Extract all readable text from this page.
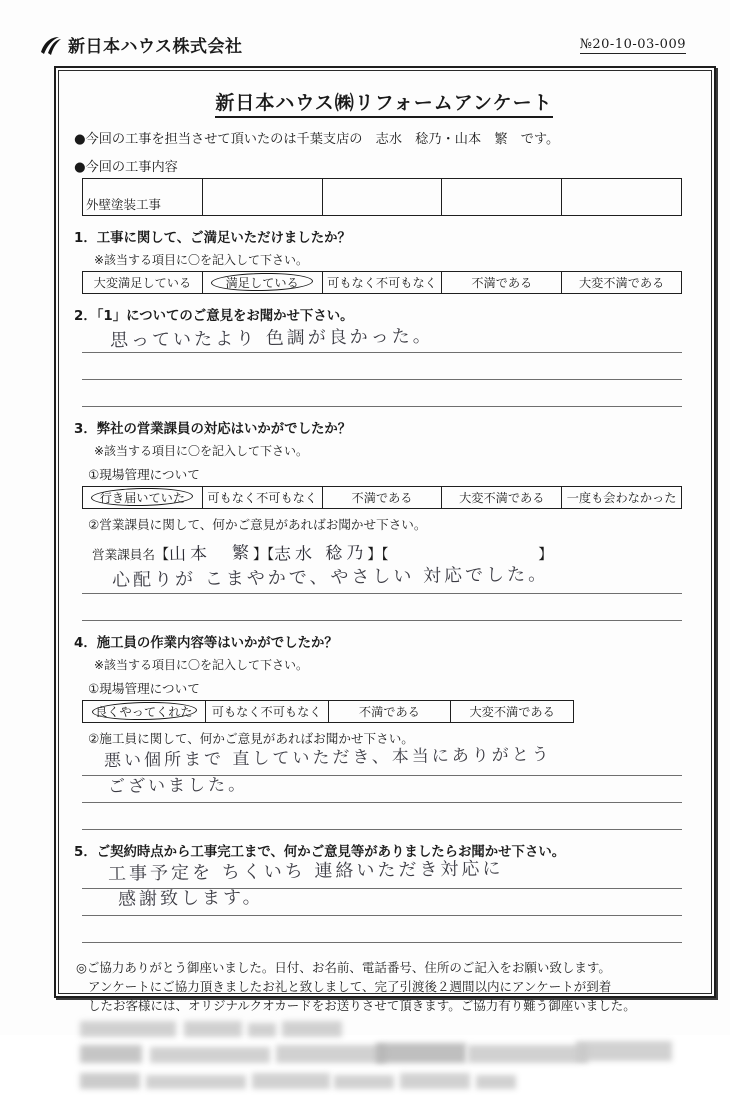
新日本ハウス株式会社	№20-10-03-009
新日本ハウス㈱リフォームアンケート
●今回の工事を担当させて頂いたのは千葉支店の　志水　稔乃・山本　繁　です。
●今回の工事内容
外壁塗装工事				
1．工事に関して、ご満足いただけましたか？
※該当する項目に〇を記入して下さい。
大変満足している	満足している	可もなく不可もなく	不満である	大変不満である
2．「1」についてのご意見をお聞かせ下さい。
思っていたより 色調が良かった。
3．弊社の営業課員の対応はいかがでしたか？
※該当する項目に〇を記入して下さい。
①現場管理について
行き届いていた	可もなく不可もなく	不満である	大変不満である	一度も会わなかった
②営業課員に関して、何かご意見があればお聞かせ下さい。
営業課員名【山本　繁】【志水 稔乃】【	】
心配りが こまやかで、やさしい 対応でした。
4．施工員の作業内容等はいかがでしたか？
※該当する項目に〇を記入して下さい。
①現場管理について
良くやってくれた	可もなく不可もなく	不満である	大変不満である
②施工員に関して、何かご意見があればお聞かせ下さい。
悪い個所まで 直していただき、本当にありがとう
ございました。
5．ご契約時点から工事完工まで、何かご意見等がありましたらお聞かせ下さい。
工事予定を ちくいち 連絡いただき対応に
感謝致します。
◎ご協力ありがとう御座いました。日付、お名前、電話番号、住所のご記入をお願い致します。
アンケートにご協力頂きましたお礼と致しまして、完了引渡後２週間以内にアンケートが到着
したお客様には、オリジナルクオカードをお送りさせて頂きます。ご協力有り難う御座いました。
